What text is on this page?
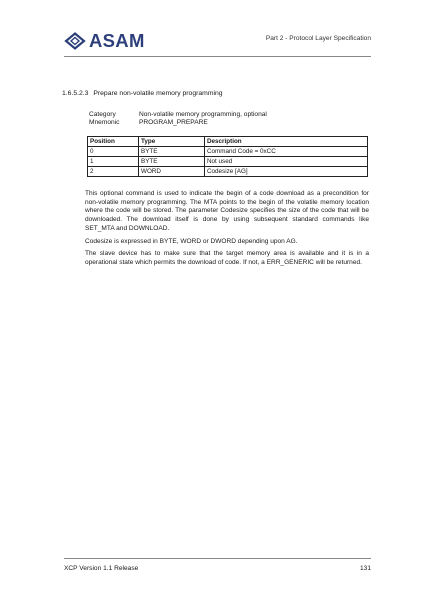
ASAM	Part 2 - Protocol Layer Specification
1.6.5.2.3 Prepare non-volatile memory programming
Category	Non-volatile memory programming, optional
Mnemonic	PROGRAM_PREPARE
Position	Type	Description
0	BYTE	Command Code = 0xCC
1	BYTE	Not used
2	WORD	Codesize [AG]

This optional command is used to indicate the begin of a code download as a precondition for non-volatile memory programming. The MTA points to the begin of the volatile memory location where the code will be stored. The parameter Codesize specifies the size of the code that will be downloaded. The download itself is done by using subsequent standard commands like SET_MTA and DOWNLOAD.

Codesize is expressed in BYTE, WORD or DWORD depending upon AG.

The slave device has to make sure that the target memory area is available and it is in a operational state which permits the download of code. If not, a ERR_GENERIC will be returned.

XCP Version 1.1 Release	131
